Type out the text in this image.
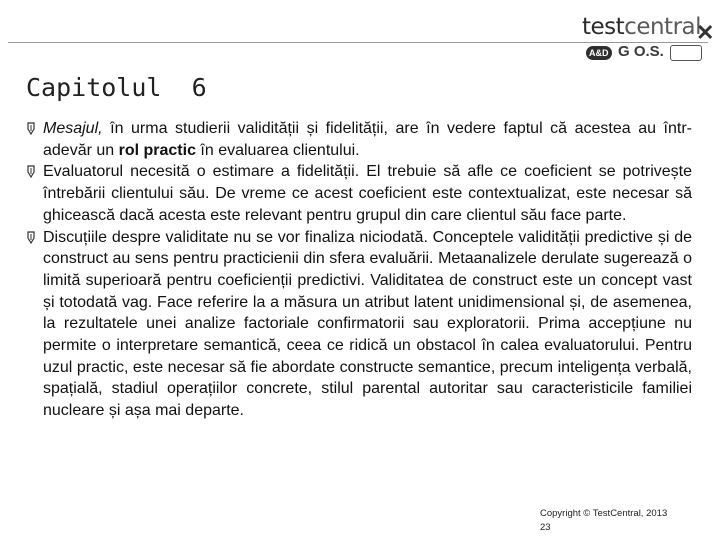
testcentral
A&D G O.S.
✕
Capitolul  6
Mesajul, în urma studierii validității și fidelității, are în vedere faptul că acestea au într-adevăr un rol practic în evaluarea clientului.
Evaluatorul necesită o estimare a fidelității. El trebuie să afle ce coeficient se potrivește întrebării clientului său. De vreme ce acest coeficient este contextualizat, este necesar să ghicească dacă acesta este relevant pentru grupul din care clientul său face parte.
Discuțiile despre validitate nu se vor finaliza niciodată. Conceptele validității predictive și de construct au sens pentru practicienii din sfera evaluării. Metaanalizele derulate sugerează o limită superioară pentru coeficienții predictivi. Validitatea de construct este un concept vast și totodată vag. Face referire la a măsura un atribut latent unidimensional și, de asemenea, la rezultatele unei analize factoriale confirmatorii sau exploratorii. Prima accepțiune nu permite o interpretare semantică, ceea ce ridică un obstacol în calea evaluatorului. Pentru uzul practic, este necesar să fie abordate constructe semantice, precum inteligența verbală, spațială, stadiul operațiilor concrete, stilul parental autoritar sau caracteristicile familiei nucleare și așa mai departe.
Copyright © TestCentral, 2013
23
